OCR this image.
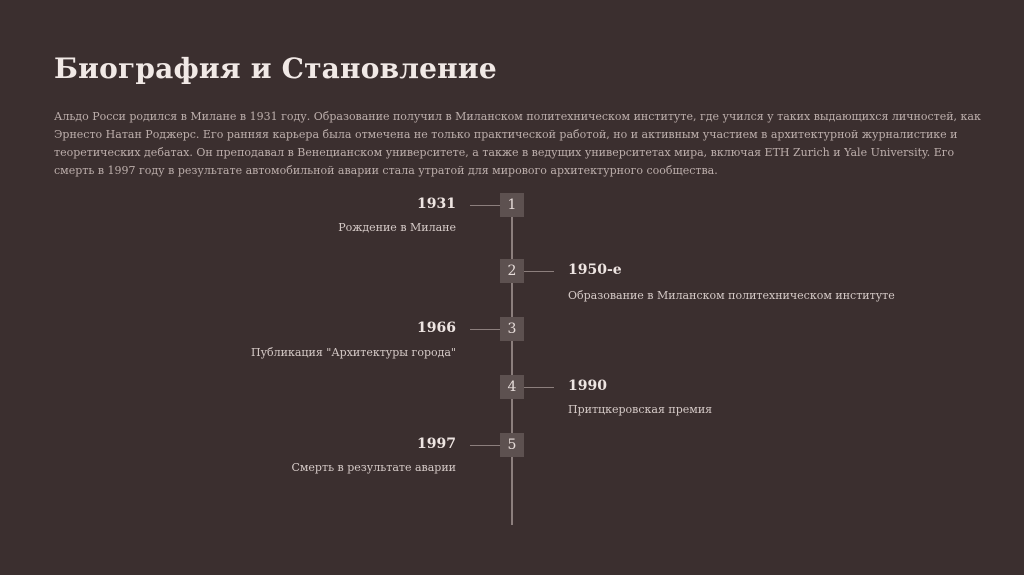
Биография и Становление

Альдо Росси родился в Милане в 1931 году. Образование получил в Миланском политехническом институте, где учился у таких выдающихся личностей, как Эрнесто Натан Роджерс. Его ранняя карьера была отмечена не только практической работой, но и активным участием в архитектурной журналистике и теоретических дебатах. Он преподавал в Венецианском университете, а также в ведущих университетах мира, включая ETH Zurich и Yale University. Его смерть в 1997 году в результате автомобильной аварии стала утратой для мирового архитектурного сообщества.

1
1931
Рождение в Милане
2	1950-е
Образование в Миланском политехническом институте
3
1966
Публикация "Архитектуры города"
4	1990
Притцкеровская премия
5
1997
Смерть в результате аварии
